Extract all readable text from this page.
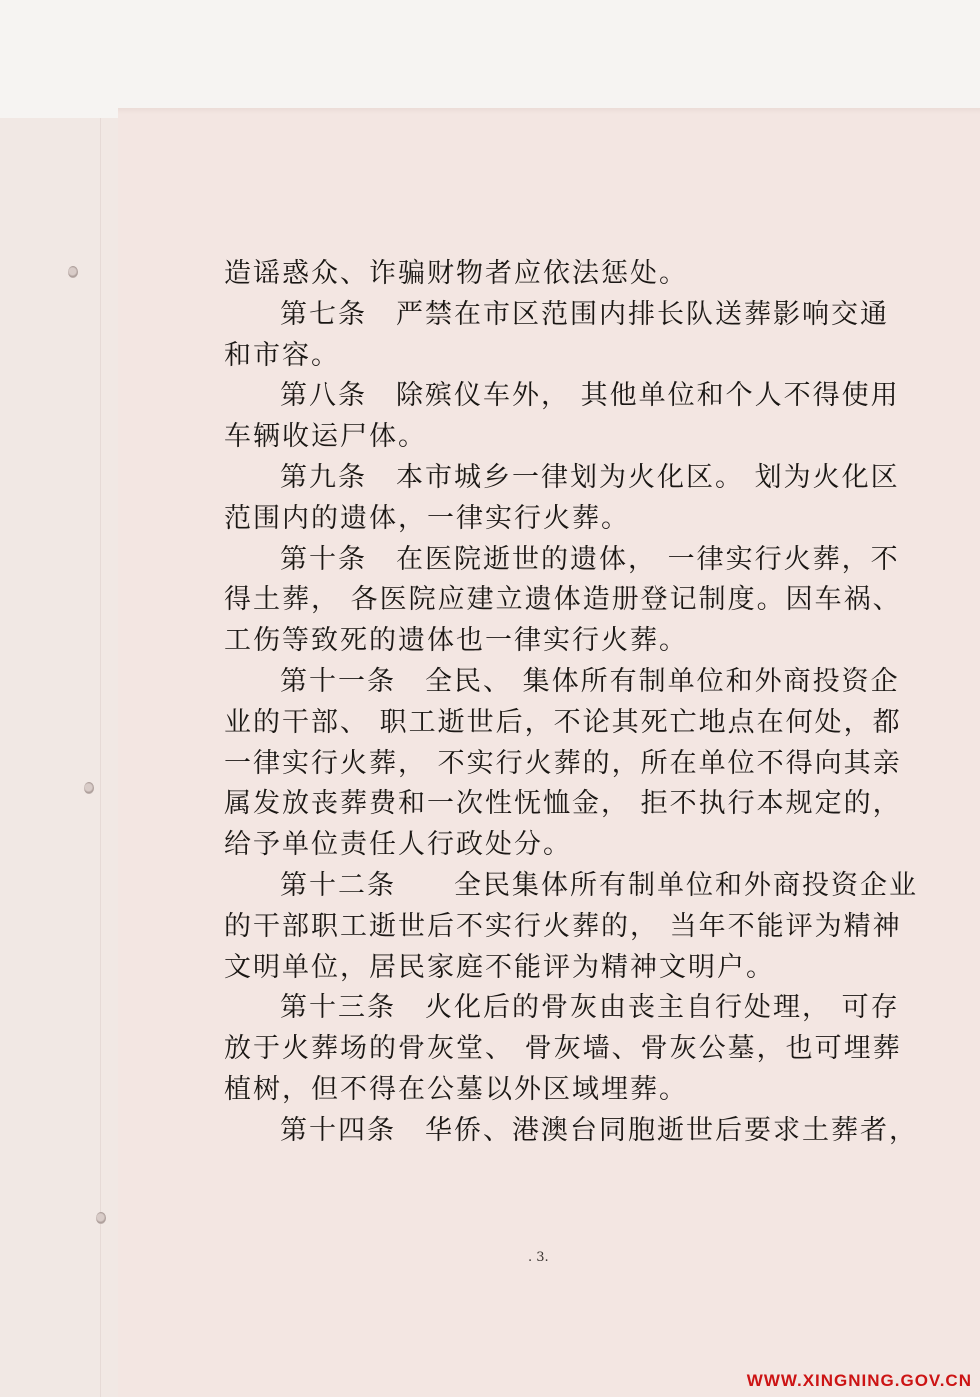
造谣惑众、诈骗财物者应依法惩处。
第七条　严禁在市区范围内排长队送葬影响交通
和市容。
第八条　除殡仪车外， 其他单位和个人不得使用
车辆收运尸体。
第九条　本市城乡一律划为火化区。 划为火化区
范围内的遗体，一律实行火葬。
第十条　在医院逝世的遗体， 一律实行火葬，不
得土葬， 各医院应建立遗体造册登记制度。因车祸、
工伤等致死的遗体也一律实行火葬。
第十一条　全民、 集体所有制单位和外商投资企
业的干部、 职工逝世后，不论其死亡地点在何处，都
一律实行火葬， 不实行火葬的，所在单位不得向其亲
属发放丧葬费和一次性怃恤金， 拒不执行本规定的，
给予单位责任人行政处分。
第十二条　　全民集体所有制单位和外商投资企业
的干部职工逝世后不实行火葬的， 当年不能评为精神
文明单位，居民家庭不能评为精神文明户。
第十三条　火化后的骨灰由丧主自行处理， 可存
放于火葬场的骨灰堂、 骨灰墙、骨灰公墓，也可埋葬
植树，但不得在公墓以外区域埋葬。
第十四条　华侨、港澳台同胞逝世后要求土葬者，
. 3.
WWW.XINGNING.GOV.CN
